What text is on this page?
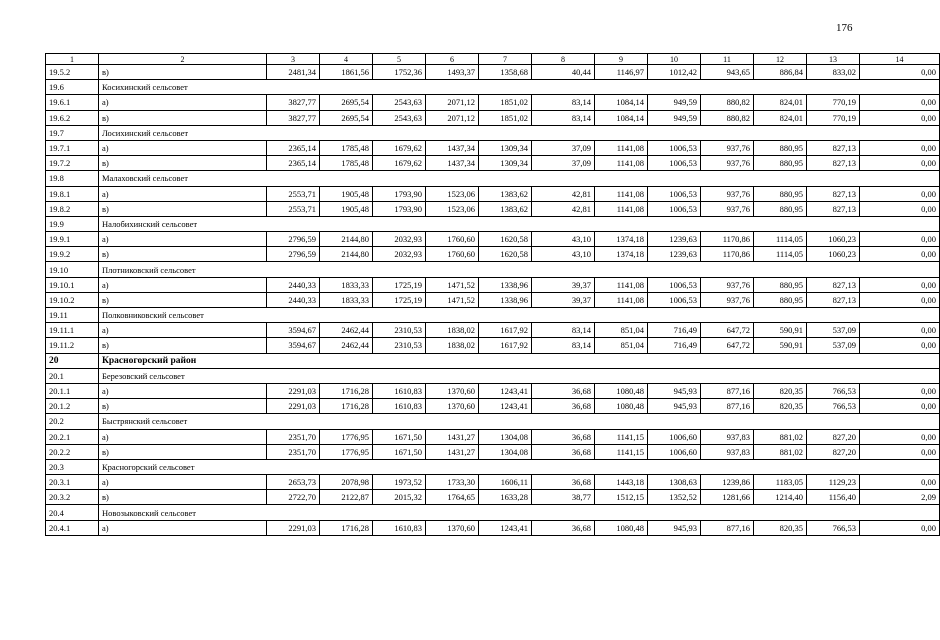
176
1	2	3	4	5	6	7	8	9	10	11	12	13	14
19.5.2	в)	2481,34	1861,56	1752,36	1493,37	1358,68	40,44	1146,97	1012,42	943,65	886,84	833,02	0,00
19.6	Косихинский сельсовет												
19.6.1	а)	3827,77	2695,54	2543,63	2071,12	1851,02	83,14	1084,14	949,59	880,82	824,01	770,19	0,00
19.6.2	в)	3827,77	2695,54	2543,63	2071,12	1851,02	83,14	1084,14	949,59	880,82	824,01	770,19	0,00
19.7	Лосихинский сельсовет												
19.7.1	а)	2365,14	1785,48	1679,62	1437,34	1309,34	37,09	1141,08	1006,53	937,76	880,95	827,13	0,00
19.7.2	в)	2365,14	1785,48	1679,62	1437,34	1309,34	37,09	1141,08	1006,53	937,76	880,95	827,13	0,00
19.8	Малаховский сельсовет												
19.8.1	а)	2553,71	1905,48	1793,90	1523,06	1383,62	42,81	1141,08	1006,53	937,76	880,95	827,13	0,00
19.8.2	в)	2553,71	1905,48	1793,90	1523,06	1383,62	42,81	1141,08	1006,53	937,76	880,95	827,13	0,00
19.9	Налобихинский сельсовет												
19.9.1	а)	2796,59	2144,80	2032,93	1760,60	1620,58	43,10	1374,18	1239,63	1170,86	1114,05	1060,23	0,00
19.9.2	в)	2796,59	2144,80	2032,93	1760,60	1620,58	43,10	1374,18	1239,63	1170,86	1114,05	1060,23	0,00
19.10	Плотниковский сельсовет												
19.10.1	а)	2440,33	1833,33	1725,19	1471,52	1338,96	39,37	1141,08	1006,53	937,76	880,95	827,13	0,00
19.10.2	в)	2440,33	1833,33	1725,19	1471,52	1338,96	39,37	1141,08	1006,53	937,76	880,95	827,13	0,00
19.11	Полковниковский сельсовет												
19.11.1	а)	3594,67	2462,44	2310,53	1838,02	1617,92	83,14	851,04	716,49	647,72	590,91	537,09	0,00
19.11.2	в)	3594,67	2462,44	2310,53	1838,02	1617,92	83,14	851,04	716,49	647,72	590,91	537,09	0,00
20	Красногорский район												
20.1	Березовский сельсовет												
20.1.1	а)	2291,03	1716,28	1610,83	1370,60	1243,41	36,68	1080,48	945,93	877,16	820,35	766,53	0,00
20.1.2	в)	2291,03	1716,28	1610,83	1370,60	1243,41	36,68	1080,48	945,93	877,16	820,35	766,53	0,00
20.2	Быстрянский сельсовет												
20.2.1	а)	2351,70	1776,95	1671,50	1431,27	1304,08	36,68	1141,15	1006,60	937,83	881,02	827,20	0,00
20.2.2	в)	2351,70	1776,95	1671,50	1431,27	1304,08	36,68	1141,15	1006,60	937,83	881,02	827,20	0,00
20.3	Красногорский сельсовет												
20.3.1	а)	2653,73	2078,98	1973,52	1733,30	1606,11	36,68	1443,18	1308,63	1239,86	1183,05	1129,23	0,00
20.3.2	в)	2722,70	2122,87	2015,32	1764,65	1633,28	38,77	1512,15	1352,52	1281,66	1214,40	1156,40	2,09
20.4	Новозыковский сельсовет												
20.4.1	а)	2291,03	1716,28	1610,83	1370,60	1243,41	36,68	1080,48	945,93	877,16	820,35	766,53	0,00
